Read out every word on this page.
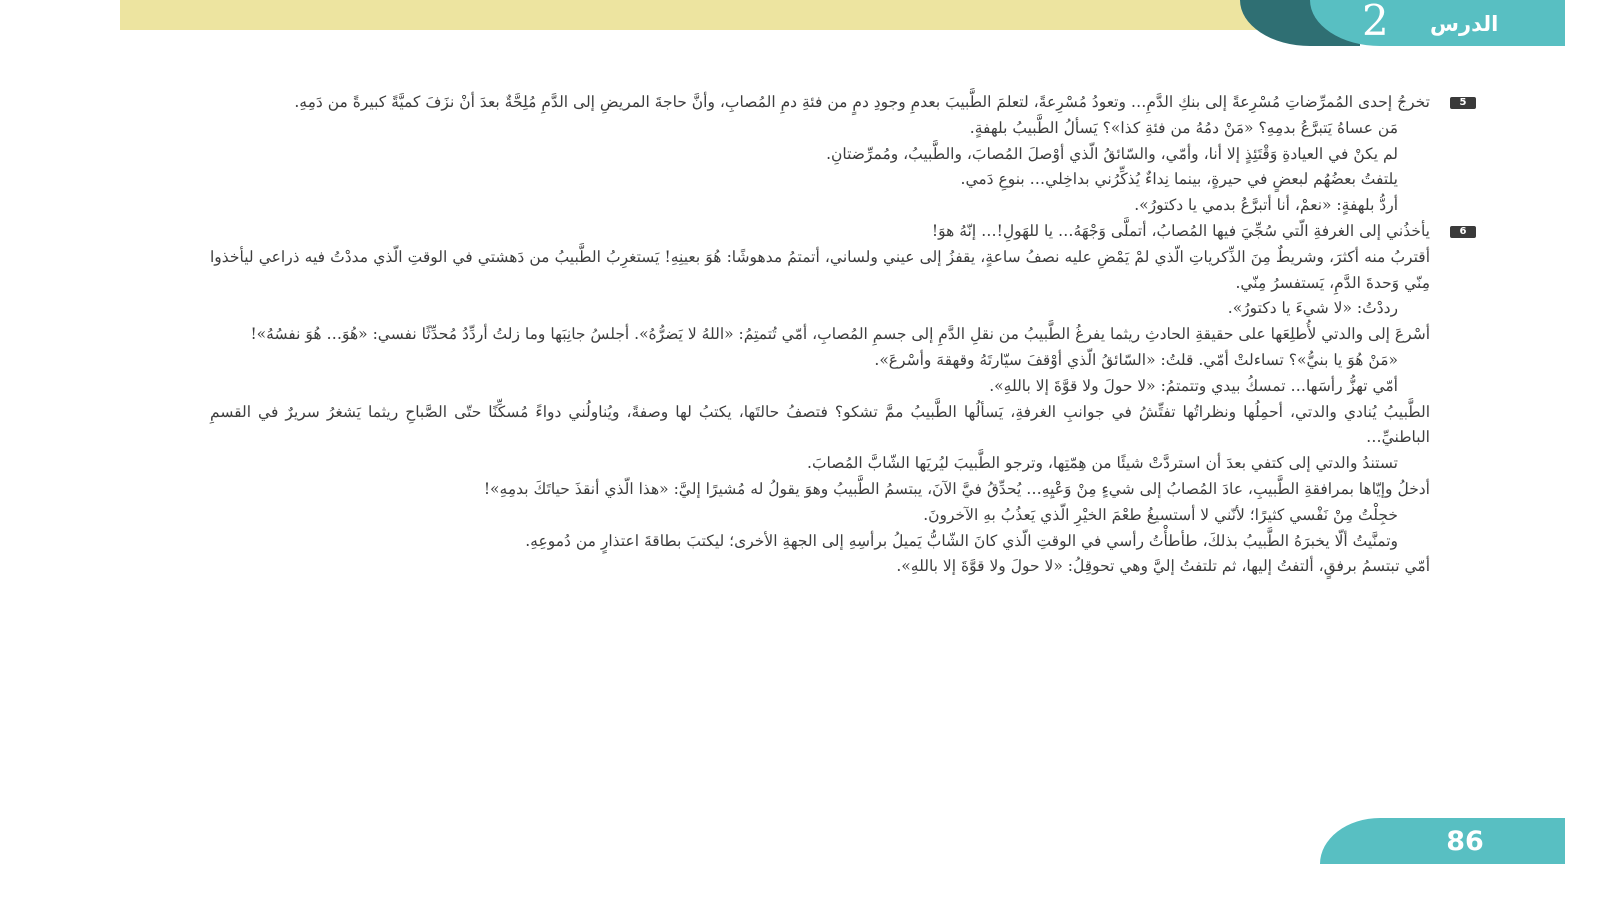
2 الدرس
5

تخرجُ إحدى المُمرِّضاتِ مُسْرِعةً إلى بنكِ الدَّمِ… وتعودُ مُسْرِعةً، لتعلمَ الطَّبيبَ بعدمِ وجودِ دمٍ من فئةِ دمِ المُصابِ، وأنَّ حاجةَ المريضِ إلى الدَّمِ مُلِحَّةٌ بعدَ أنْ نزَفَ كميَّةً كبيرةً من دَمِهِ.

مَن عساهُ يَتبرَّعُ بدمِهِ؟ «مَنْ دمُهُ من فئةِ كذا»؟ يَسألُ الطَّبيبُ بلهفةٍ.

لم يكنْ في العيادةِ وَقْتَئِذٍ إلا أنا، وأمّي، والسّائقُ الّذي أوْصلَ المُصابَ، والطَّبيبُ، ومُمرِّضتانِ.

يلتفتُ بعضُهُم لبعضٍ في حيرةٍ، بينما نِداءٌ يُذكِّرُني بداخِلي… بنوعِ دَمي.

أردُّ بلهفةٍ: «نعمْ، أنا أتبرَّعُ بدمي يا دكتورُ».

6

يأخذُني إلى الغرفةِ الّتي سُجِّيَ فيها المُصابُ، أتملَّى وَجْهَهُ… يا للهَولِ!… إنّهُ هوَ!

أقتربُ منه أكثرَ، وشريطٌ مِنَ الذِّكرياتِ الّذي لمْ يَمْضِ عليه نصفُ ساعةٍ، يقفزُ إلى عيني ولساني، أتمتمُ مدهوشًا: هُوَ بعينِهِ! يَستغرِبُ الطَّبيبُ من دَهشتي في الوقتِ الّذي مددْتُ فيه ذراعي ليأخذوا مِنّي وَحدةَ الدَّمِ، يَستفسرُ مِنّي.

رددْتُ: «لا شيءَ يا دكتورُ».

أسْرعَ إلى والدتي لأُطلِعَها على حقيقةِ الحادثِ ريثما يفرغُ الطَّبيبُ من نقلِ الدَّمِ إلى جسمِ المُصابِ، أمّي تُتمتِمُ: «اللهُ لا يَضرُّهُ». أجلسُ جانِبَها وما زلتُ أردِّدُ مُحدِّثًا نفسي: «هُوَ… هُوَ نفسُهُ»!

«مَنْ هُوَ يا بنيُّ»؟ تساءلتْ أمّي. قلتُ: «السّائقُ الّذي أوْقفَ سيّارتَهُ وقهقهَ وأسْرعَ».

أمّي تهزُّ رأسَها… تمسكُ بيدي وتتمتمُ: «لا حولَ ولا قوَّةَ إلا باللهِ».

الطَّبيبُ يُنادي والدتي، أحمِلُها ونظراتُها تفتِّشُ في جوانبِ الغرفةِ، يَسألُها الطَّبيبُ ممَّ تشكو؟ فتصفُ حالتَها، يكتبُ لها وصفةً، ويُناولُني دواءً مُسكِّنًا حتّى الصَّباحِ ريثما يَشغرُ سريرٌ في القسمِ الباطنيِّ…

تستندُ والدتي إلى كتفي بعدَ أن استردَّتْ شيئًا من هِمّتِها، وترجو الطَّبيبَ ليُريَها الشّابَّ المُصابَ.

أدخلُ وإيّاها بمرافقةِ الطَّبيبِ، عادَ المُصابُ إلى شيءٍ مِنْ وَعْيِهِ… يُحدِّقُ فيَّ الآنَ، يبتسمُ الطَّبيبُ وهوَ يقولُ له مُشيرًا إليَّ: «هذا الّذي أنقذَ حياتَكَ بدمِهِ»!

خجِلْتُ مِنْ نَفْسي كثيرًا؛ لأنّني لا أستسيغُ طعْمَ الخيْرِ الّذي يَعذُبُ بهِ الآخرونَ.

وتمنَّيتُ ألّا يخبرَهُ الطَّبيبُ بذلكَ، طأطأْتُ رأسي في الوقتِ الّذي كانَ الشّابُّ يَميلُ برأسِهِ إلى الجهةِ الأخرى؛ ليكتبَ بطاقةَ اعتذارٍ من دُموعِهِ.

أمّي تبتسمُ برفقٍ، ألتفتُ إليها، ثم تلتفتُ إليَّ وهي تحوقِلُ: «لا حولَ ولا قوَّةَ إلا باللهِ».

86
